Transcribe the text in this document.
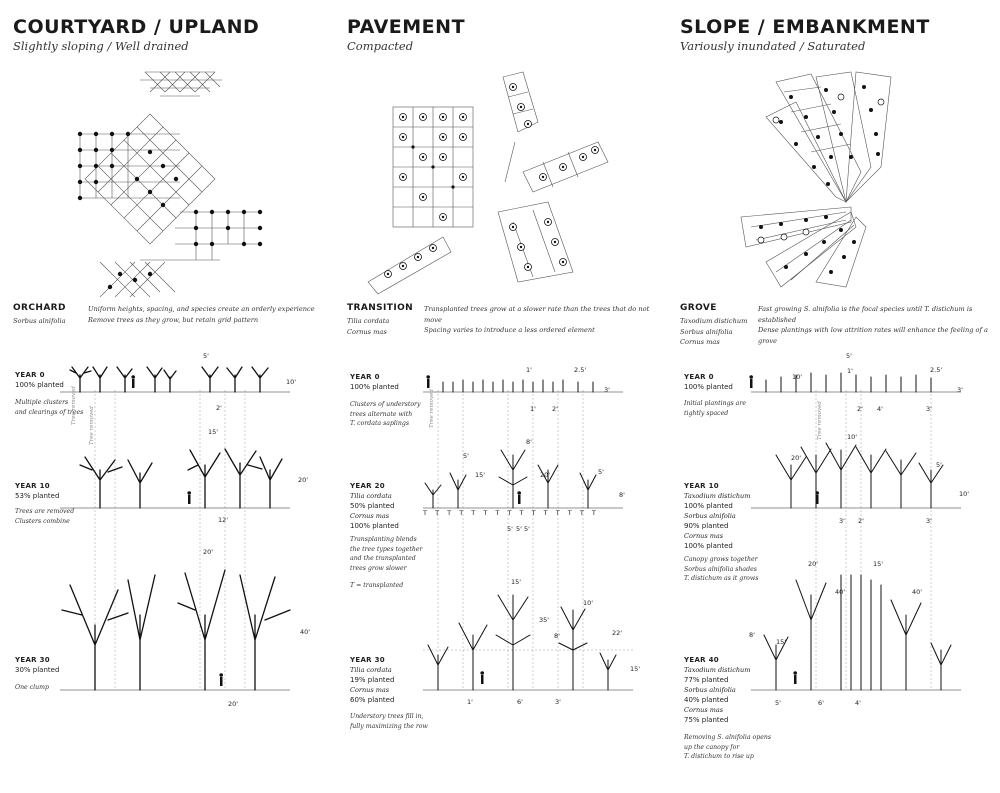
COURTYARD / UPLAND
Slightly sloping / Well drained
ORCHARD
Sorbus alnifolia
Uniform heights, spacing, and species create an orderly experience
Remove trees as they grow, but retain grid pattern
5'
10'
2'
15'
20'
12'
20'
40'
20'
YEAR 0
100% planted
Multiple clusters
and clearings of trees
YEAR 10
53% planted
Trees are removed
Clusters combine
YEAR 30
30% planted
One clump
Tree removed
Tree removed
PAVEMENT
Compacted
TRANSITION
Tilia cordata
Cornus mas
Transplanted trees grow at a slower rate than the trees that do not move
Spacing varies to introduce a less ordered element
1'	2.5'
3'
1' 2'
8'
5'
15'	20'	5'
8'
5' 5' 5'
15'
10'
35'
8'	22'
15'
1'	6'	3'
T T T T T T T T T T T T T T T
YEAR 0
100% planted
Clusters of understory
trees alternate with
T. cordata saplings
YEAR 20
Tilia cordata
50% planted
Cornus mas
100% planted
Transplanting blends
the tree types together
and the transplanted
trees grow slower
T = transplanted
YEAR 30
Tilia cordata
19% planted
Cornus mas
60% planted
Understory trees fill in,
fully maximizing the row
Tree removed
SLOPE / EMBANKMENT
Variously inundated / Saturated
GROVE
Taxodium distichum
Sorbus alnifolia
Cornus mas
Fast growing S. alnifolia is the focal species until T. distichum is established
Dense plantings with low attrition rates will enhance the feeling of a grove
5'
10'
1'	2.5'
3'
2' 4'	3'
10'
20'
5'
10'
3' 2'	3'
20'	15'
40'	40'
8'
15'
5'	6'	4'
YEAR 0
100% planted
Initial plantings are
tightly spaced
YEAR 10
Taxodium distichum
100% planted
Sorbus alnifolia
90% planted
Cornus mas
100% planted
Canopy grows together
Sorbus alnifolia shades
T. distichum as it grows
YEAR 40
Taxodium distichum
77% planted
Sorbus alnifolia
40% planted
Cornus mas
75% planted
Removing S. alnifolia opens
up the canopy for
T. distichum to rise up
Tree removed
